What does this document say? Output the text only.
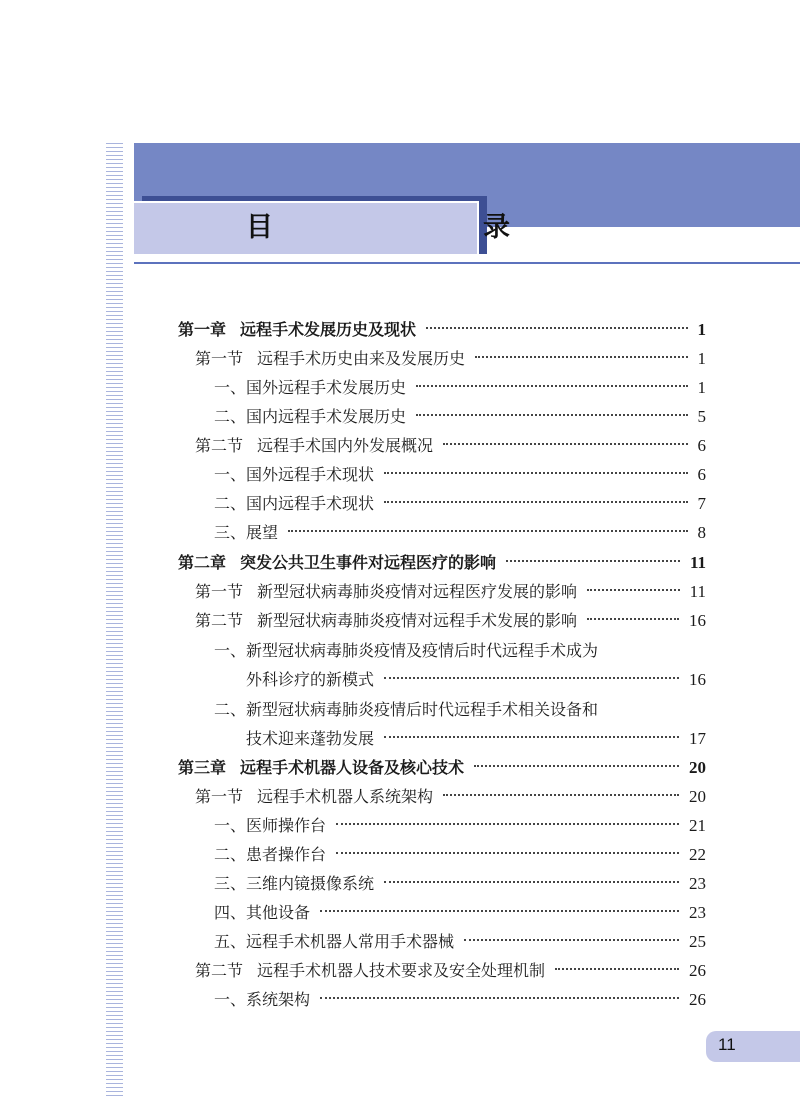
目　　录
第一章 远程手术发展历史及现状	1
第一节 远程手术历史由来及发展历史	1
一、 国外远程手术发展历史	1
二、 国内远程手术发展历史	5
第二节 远程手术国内外发展概况	6
一、 国外远程手术现状	6
二、 国内远程手术现状	7
三、 展望	8
第二章 突发公共卫生事件对远程医疗的影响	11
第一节 新型冠状病毒肺炎疫情对远程医疗发展的影响	11
第二节 新型冠状病毒肺炎疫情对远程手术发展的影响	16
一、新型冠状病毒肺炎疫情及疫情后时代远程手术成为
外科诊疗的新模式	16
二、新型冠状病毒肺炎疫情后时代远程手术相关设备和
技术迎来蓬勃发展	17
第三章 远程手术机器人设备及核心技术	20
第一节 远程手术机器人系统架构	20
一、 医师操作台	21
二、 患者操作台	22
三、 三维内镜摄像系统	23
四、 其他设备	23
五、 远程手术机器人常用手术器械	25
第二节 远程手术机器人技术要求及安全处理机制	26
一、 系统架构	26
11
